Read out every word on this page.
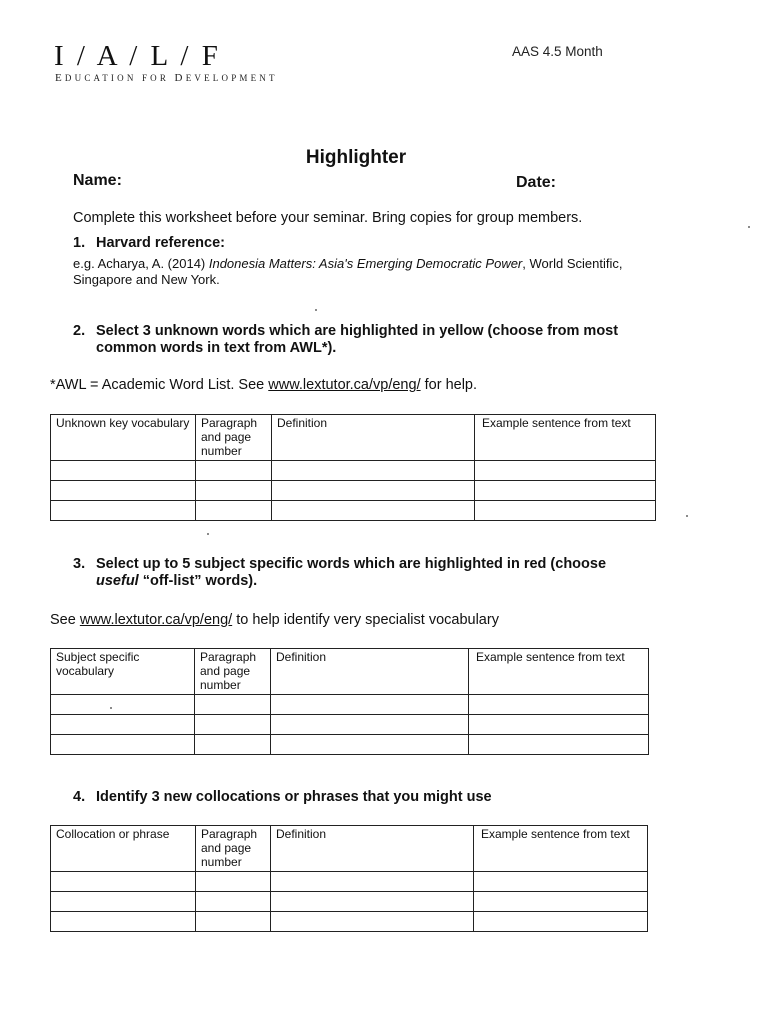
I / A / L / F
EDUCATION FOR DEVELOPMENT
AAS 4.5 Month
Highlighter
Name:	Date:
Complete this worksheet before your seminar. Bring copies for group members.
1. Harvard reference:
e.g. Acharya, A. (2014) Indonesia Matters: Asia's Emerging Democratic Power, World Scientific, Singapore and New York.
2. Select 3 unknown words which are highlighted in yellow (choose from most
common words in text from AWL*).
*AWL = Academic Word List. See www.lextutor.ca/vp/eng/ for help.
Unknown key vocabulary	Paragraph and page number	Definition	Example sentence from text

3. Select up to 5 subject specific words which are highlighted in red (choose
useful “off-list” words).
See www.lextutor.ca/vp/eng/ to help identify very specialist vocabulary
Subject specific vocabulary	Paragraph and page number	Definition	Example sentence from text

4. Identify 3 new collocations or phrases that you might use
Collocation or phrase	Paragraph and page number	Definition	Example sentence from text
